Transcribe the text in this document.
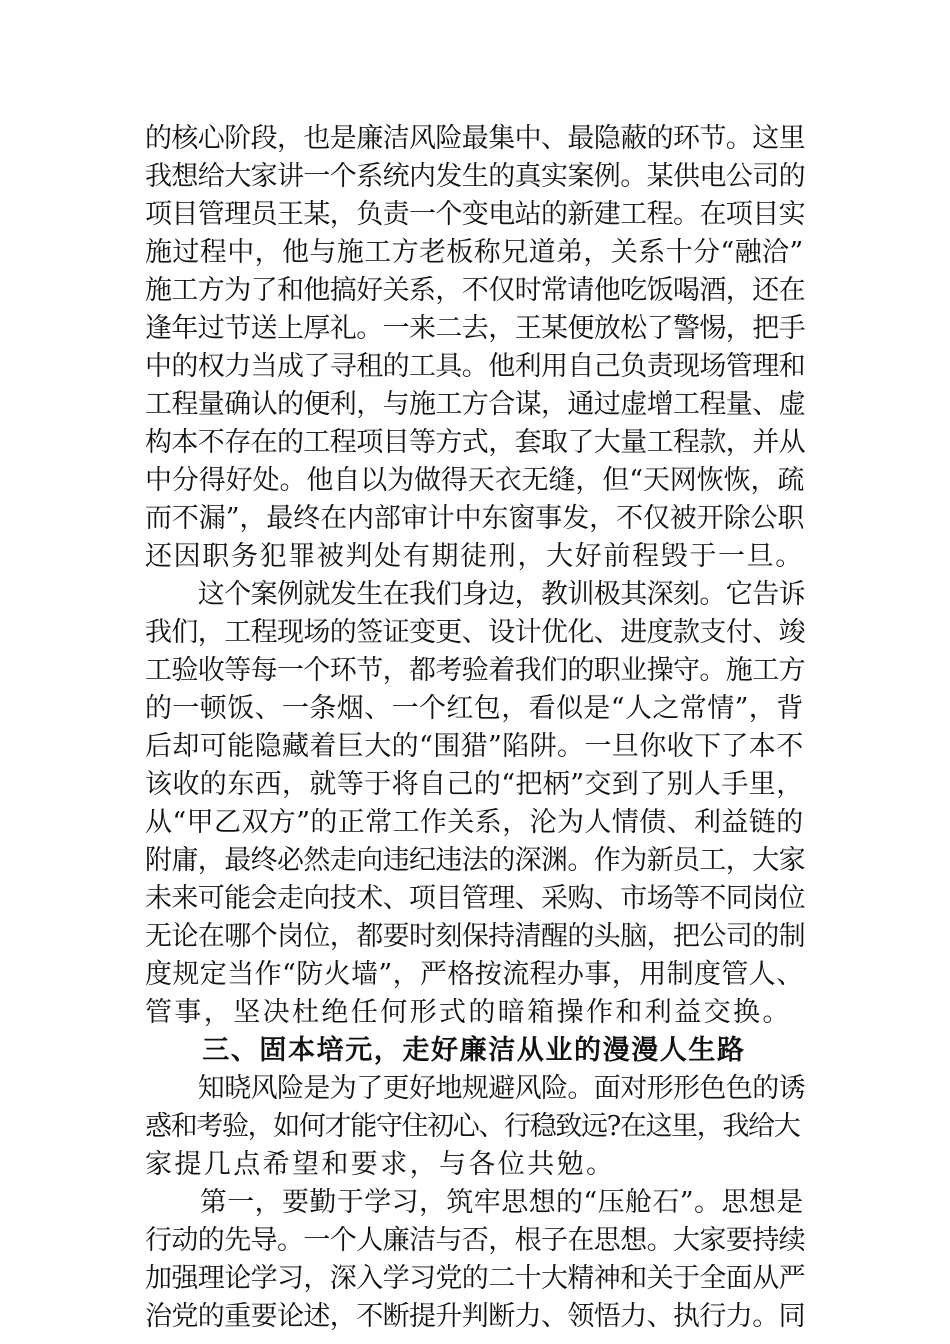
的核心阶段，也是廉洁风险最集中、最隐蔽的环节。这里
我想给大家讲一个系统内发生的真实案例。某供电公司的
项目管理员王某，负责一个变电站的新建工程。在项目实
施过程中，他与施工方老板称兄道弟，关系十分“融洽”
施工方为了和他搞好关系，不仅时常请他吃饭喝酒，还在
逢年过节送上厚礼。一来二去，王某便放松了警惕，把手
中的权力当成了寻租的工具。他利用自己负责现场管理和
工程量确认的便利，与施工方合谋，通过虚增工程量、虚
构本不存在的工程项目等方式，套取了大量工程款，并从
中分得好处。他自以为做得天衣无缝，但“天网恢恢，疏
而不漏”，最终在内部审计中东窗事发，不仅被开除公职
还因职务犯罪被判处有期徒刑，大好前程毁于一旦。
　　这个案例就发生在我们身边，教训极其深刻。它告诉
我们，工程现场的签证变更、设计优化、进度款支付、竣
工验收等每一个环节，都考验着我们的职业操守。施工方
的一顿饭、一条烟、一个红包，看似是“人之常情”，背
后却可能隐藏着巨大的“围猎”陷阱。一旦你收下了本不
该收的东西，就等于将自己的“把柄”交到了别人手里，
从“甲乙双方”的正常工作关系，沦为人情债、利益链的
附庸，最终必然走向违纪违法的深渊。作为新员工，大家
未来可能会走向技术、项目管理、采购、市场等不同岗位
无论在哪个岗位，都要时刻保持清醒的头脑，把公司的制
度规定当作“防火墙”，严格按流程办事，用制度管人、
管事，坚决杜绝任何形式的暗箱操作和利益交换。
　　三、固本培元，走好廉洁从业的漫漫人生路
　　知晓风险是为了更好地规避风险。面对形形色色的诱
惑和考验，如何才能守住初心、行稳致远?在这里，我给大
家提几点希望和要求，与各位共勉。
　　第一，要勤于学习，筑牢思想的“压舱石”。思想是
行动的先导。一个人廉洁与否，根子在思想。大家要持续
加强理论学习，深入学习党的二十大精神和关于全面从严
治党的重要论述，不断提升判断力、领悟力、执行力。同
